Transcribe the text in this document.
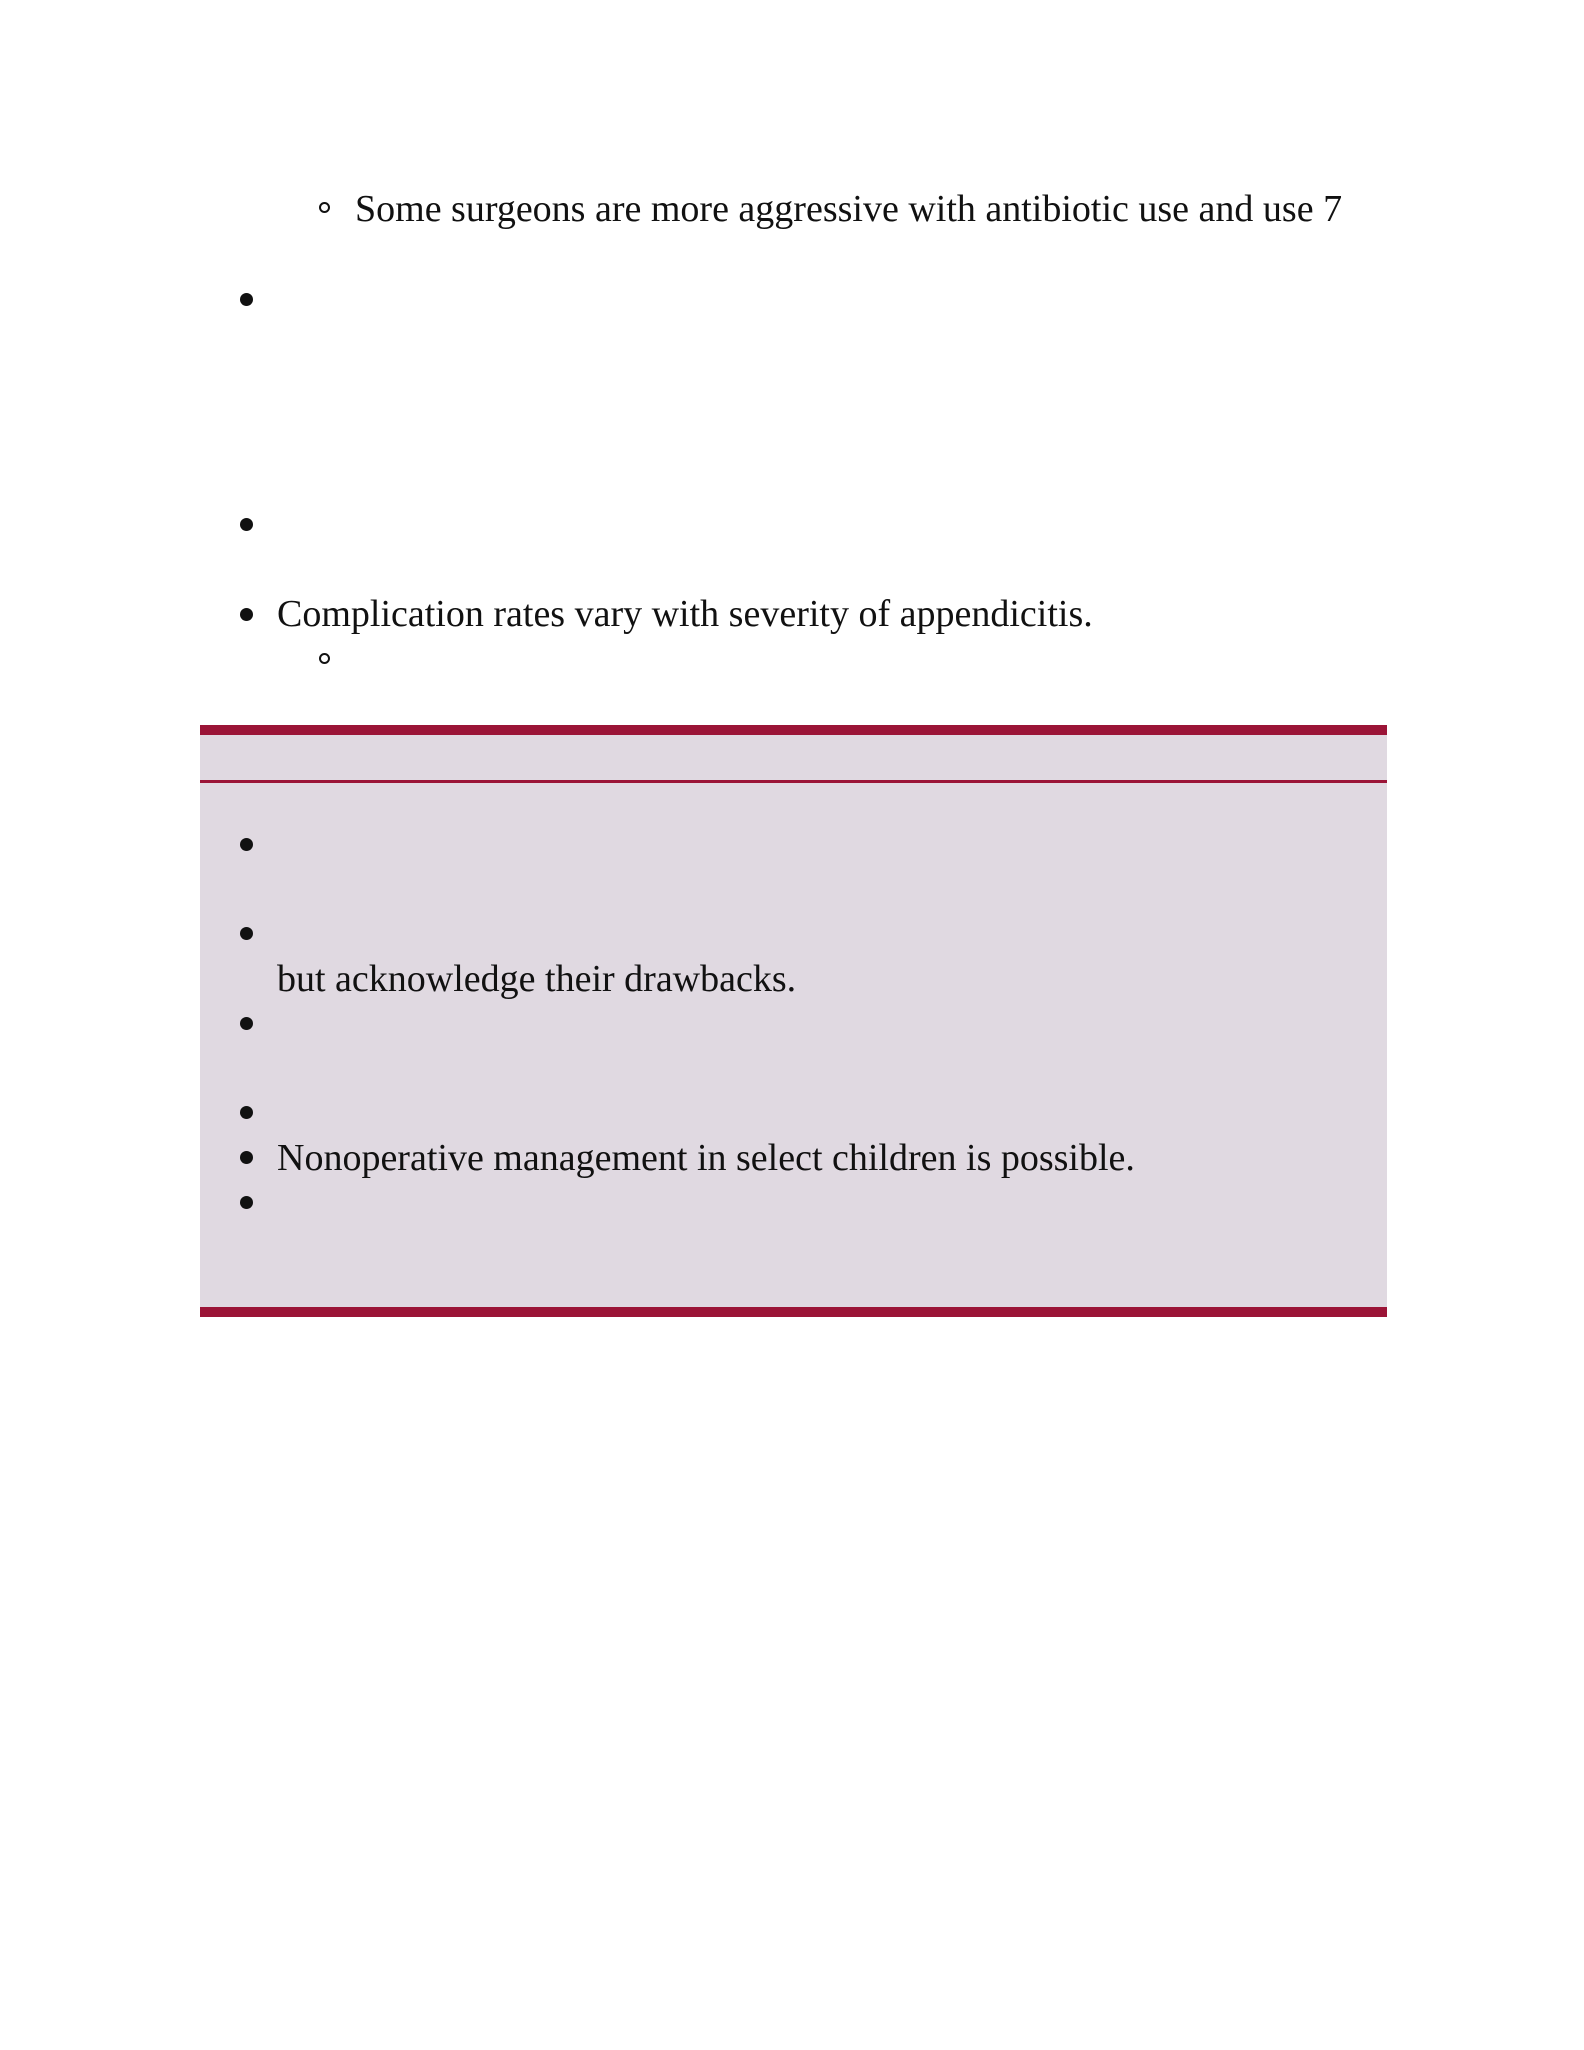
Some surgeons are more aggressive with antibiotic use and use 7
Complication rates vary with severity of appendicitis.
but acknowledge their drawbacks.
Nonoperative management in select children is possible.
